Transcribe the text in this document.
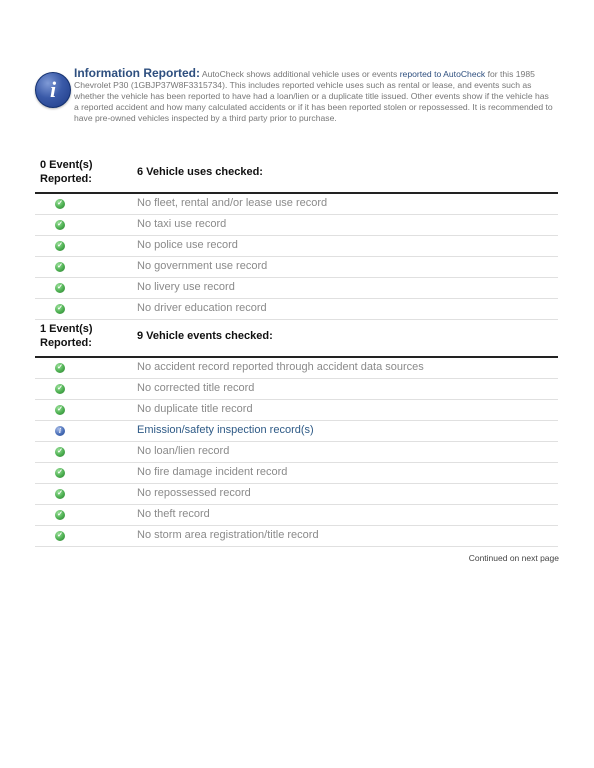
i
Information Reported: AutoCheck shows additional vehicle uses or events reported to AutoCheck for this 1985 Chevrolet P30 (1GBJP37W8F3315734). This includes reported vehicle uses such as rental or lease, and events such as whether the vehicle has been reported to have had a loan/lien or a duplicate title issued. Other events show if the vehicle has a reported accident and how many calculated accidents or if it has been reported stolen or repossessed. It is recommended to have pre-owned vehicles inspected by a third party prior to purchase.
0 Event(s)
Reported:
6 Vehicle uses checked:
✓	No fleet, rental and/or lease use record
✓	No taxi use record
✓	No police use record
✓	No government use record
✓	No livery use record
✓	No driver education record
1 Event(s)
Reported:
9 Vehicle events checked:
✓	No accident record reported through accident data sources
✓	No corrected title record
✓	No duplicate title record
i	Emission/safety inspection record(s)
✓	No loan/lien record
✓	No fire damage incident record
✓	No repossessed record
✓	No theft record
✓	No storm area registration/title record
Continued on next page
